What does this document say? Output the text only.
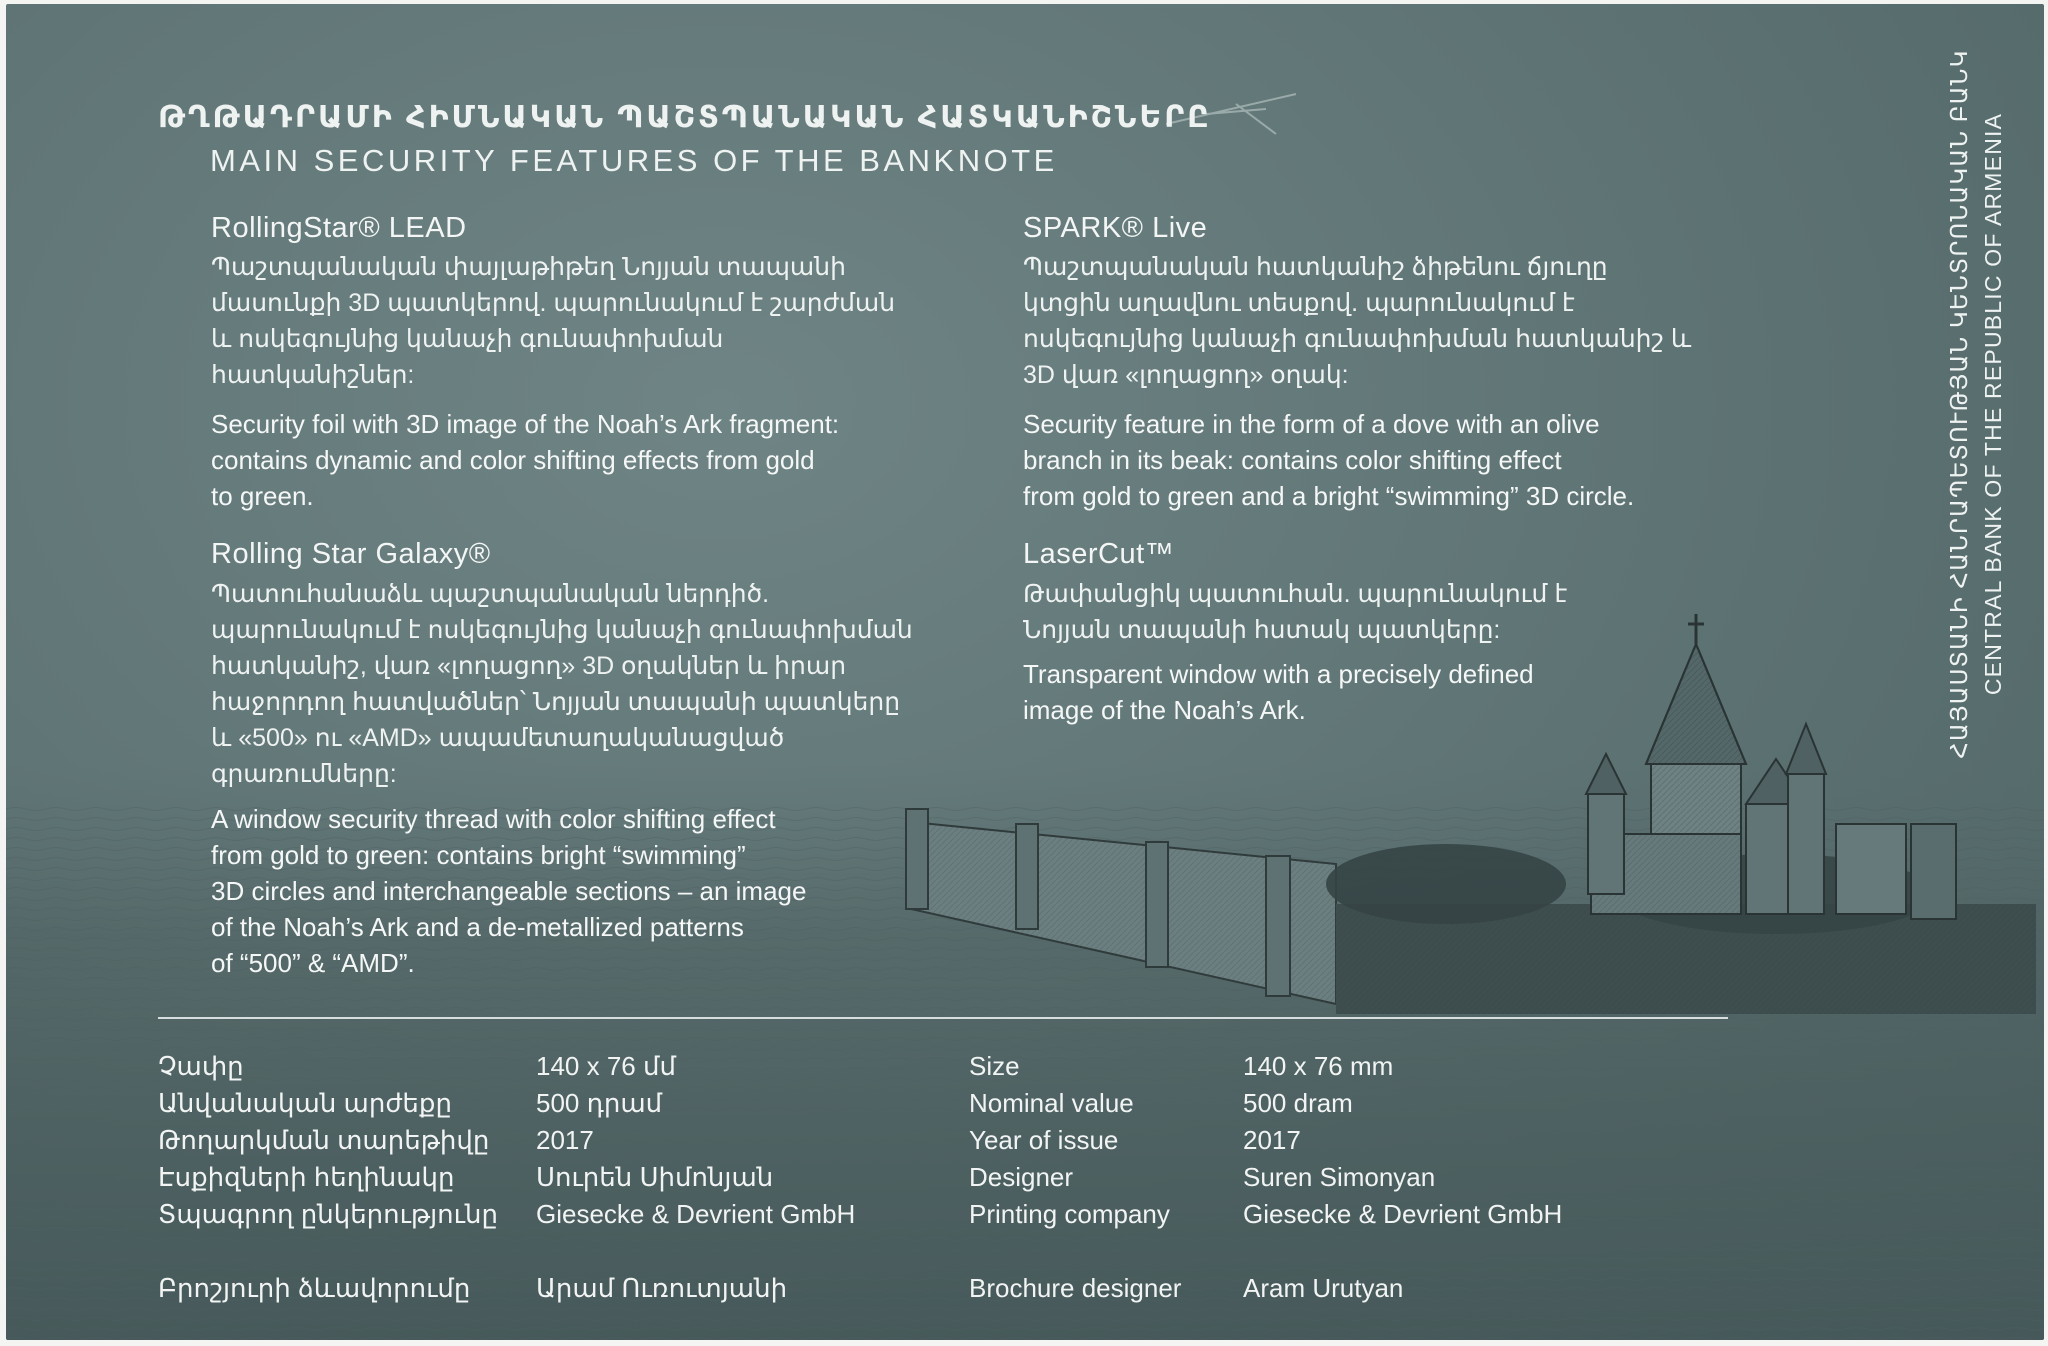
ԹՂԹԱԴՐԱՄԻ ՀԻՄՆԱԿԱՆ ՊԱՇՏՊԱՆԱԿԱՆ ՀԱՏԿԱՆԻՇՆԵՐԸ
MAIN SECURITY FEATURES OF THE BANKNOTE
RollingStar® LEAD
Պաշտպանական փայլաթիթեղ Նոյյան տապանի
մասունքի 3D պատկերով. պարունակում է շարժման
և ոսկեգույնից կանաչի գունափոխման
հատկանիշներ:
Security foil with 3D image of the Noah’s Ark fragment:
contains dynamic and color shifting effects from gold
to green.
Rolling Star Galaxy®
Պատուհանաձև պաշտպանական ներդիծ.
պարունակում է ոսկեգույնից կանաչի գունափոխման
հատկանիշ, վառ «լողացող» 3D օղակներ և իրար
հաջորդող հատվածներ՝ Նոյյան տապանի պատկերը
և «500» ու «AMD» ապամետաղականացված
գրառումները:
A window security thread with color shifting effect
from gold to green: contains bright “swimming”
3D circles and interchangeable sections – an image
of the Noah’s Ark and a de-metallized patterns
of “500” & “AMD”.
SPARK® Live
Պաշտպանական հատկանիշ ձիթենու ճյուղը
կտցին աղավնու տեսքով. պարունակում է
ոսկեգույնից կանաչի գունափոխման հատկանիշ և
3D վառ «լողացող» օղակ:
Security feature in the form of a dove with an olive
branch in its beak: contains color shifting effect
from gold to green and a bright “swimming” 3D circle.
LaserCut™
Թափանցիկ պատուհան. պարունակում է
Նոյյան տապանի հստակ պատկերը:
Transparent window with a precisely defined
image of the Noah’s Ark.
Չափը
Անվանական արժեքը
Թողարկման տարեթիվը
Էսքիզների հեղինակը
Տպագրող ընկերությունը
140 x 76 մմ
500 դրամ
2017
Սուրեն Սիմոնյան
Giesecke & Devrient GmbH
Size
Nominal value
Year of issue
Designer
Printing company
140 x 76 mm
500 dram
2017
Suren Simonyan
Giesecke & Devrient GmbH
Բրոշյուրի ձևավորումը	Արամ Ուռուտյանի	Brochure designer Aram Urutyan
ՀԱՅԱՍՏԱՆԻ ՀԱՆՐԱՊԵՏՈՒԹՅԱՆ ԿԵՆՏՐՈՆԱԿԱՆ ԲԱՆԿ CENTRAL BANK OF THE REPUBLIC OF ARMENIA
